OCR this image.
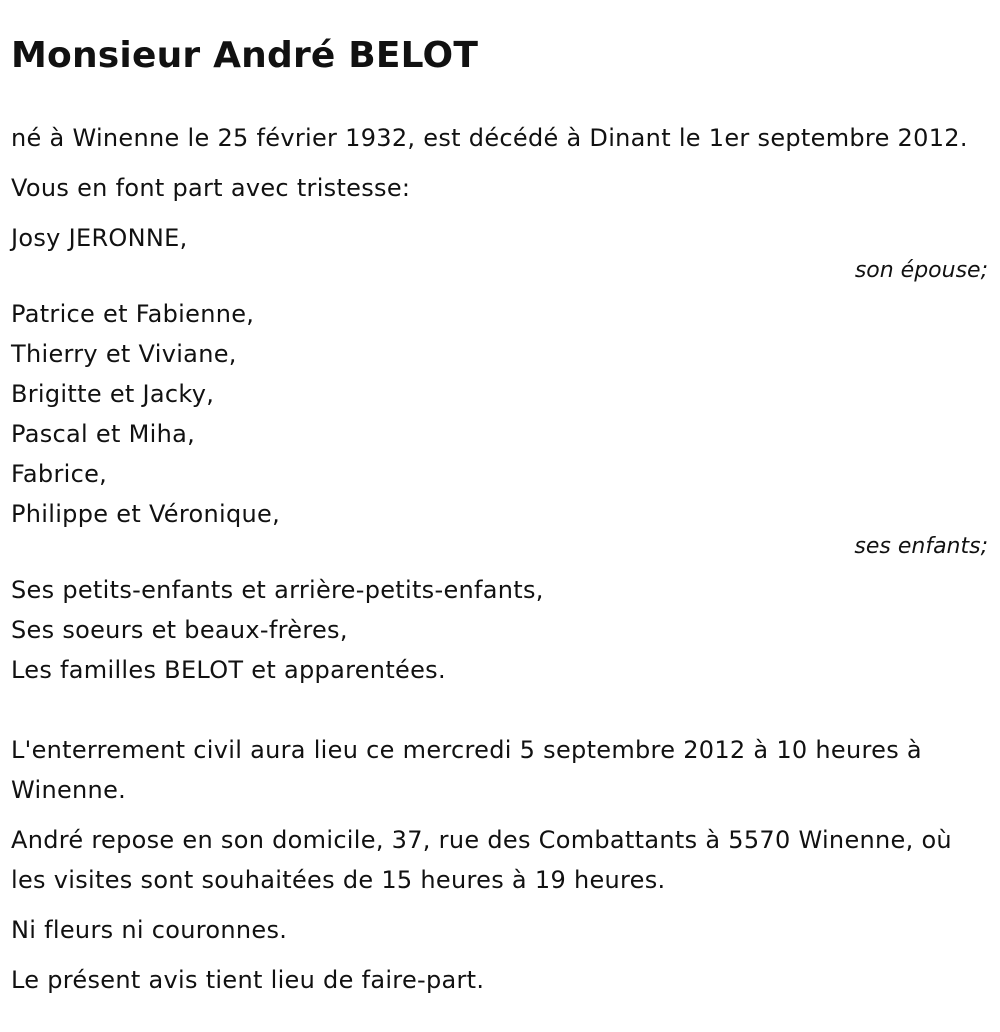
Monsieur André BELOT

né à Winenne le 25 février 1932, est décédé à Dinant le 1er septembre 2012.

Vous en font part avec tristesse:

Josy JERONNE,

son épouse;

Patrice et Fabienne,

Thierry et Viviane,

Brigitte et Jacky,

Pascal et Miha,

Fabrice,

Philippe et Véronique,

ses enfants;

Ses petits-enfants et arrière-petits-enfants,

Ses soeurs et beaux-frères,

Les familles BELOT et apparentées.

L'enterrement civil aura lieu ce mercredi 5 septembre 2012 à 10 heures à Winenne.

André repose en son domicile, 37, rue des Combattants à 5570 Winenne, où les visites sont souhaitées de 15 heures à 19 heures.

Ni fleurs ni couronnes.

Le présent avis tient lieu de faire-part.
